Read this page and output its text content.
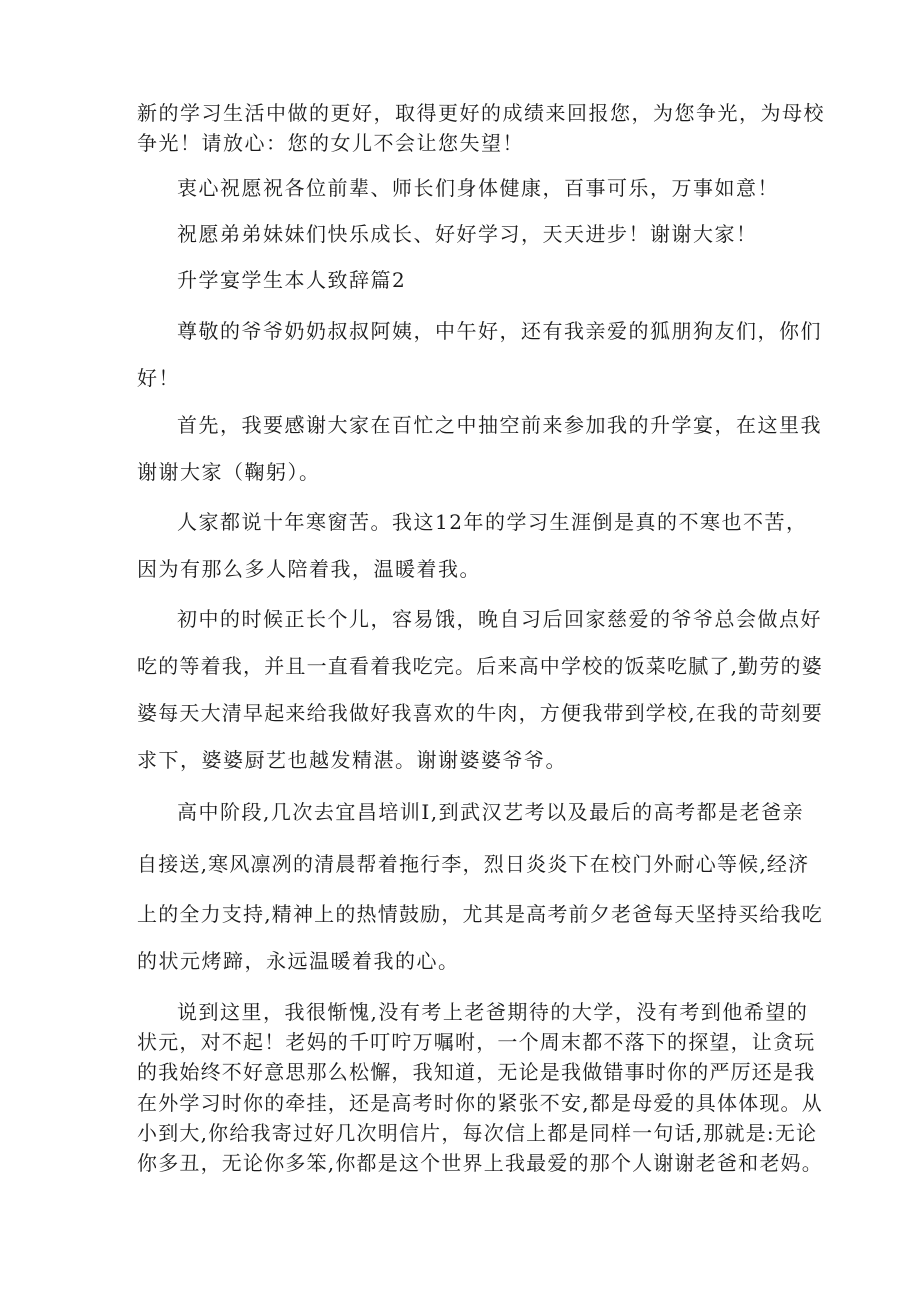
新的学习生活中做的更好，取得更好的成绩来回报您，为您争光，为母校
争光！请放心：您的女儿不会让您失望！
衷心祝愿祝各位前辈、师长们身体健康，百事可乐，万事如意！
祝愿弟弟妹妹们快乐成长、好好学习，天天进步！谢谢大家！
升学宴学生本人致辞篇2
尊敬的爷爷奶奶叔叔阿姨，中午好，还有我亲爱的狐朋狗友们，你们
好！
首先，我要感谢大家在百忙之中抽空前来参加我的升学宴，在这里我
谢谢大家（鞠躬）。
人家都说十年寒窗苦。我这12年的学习生涯倒是真的不寒也不苦，
因为有那么多人陪着我，温暖着我。
初中的时候正长个儿，容易饿，晚自习后回家慈爱的爷爷总会做点好
吃的等着我，并且一直看着我吃完。后来高中学校的饭菜吃腻了,勤劳的婆
婆每天大清早起来给我做好我喜欢的牛肉，方便我带到学校,在我的苛刻要
求下，婆婆厨艺也越发精湛。谢谢婆婆爷爷。
高中阶段,几次去宜昌培训I,到武汉艺考以及最后的高考都是老爸亲
自接送,寒风凛冽的清晨帮着拖行李，烈日炎炎下在校门外耐心等候,经济
上的全力支持,精神上的热情鼓励，尤其是高考前夕老爸每天坚持买给我吃
的状元烤蹄，永远温暖着我的心。
说到这里，我很惭愧,没有考上老爸期待的大学，没有考到他希望的
状元，对不起！老妈的千叮咛万嘱咐，一个周末都不落下的探望，让贪玩
的我始终不好意思那么松懈，我知道，无论是我做错事时你的严厉还是我
在外学习时你的牵挂，还是高考时你的紧张不安,都是母爱的具体体现。从
小到大,你给我寄过好几次明信片，每次信上都是同样一句话,那就是:无论
你多丑，无论你多笨,你都是这个世界上我最爱的那个人谢谢老爸和老妈。
